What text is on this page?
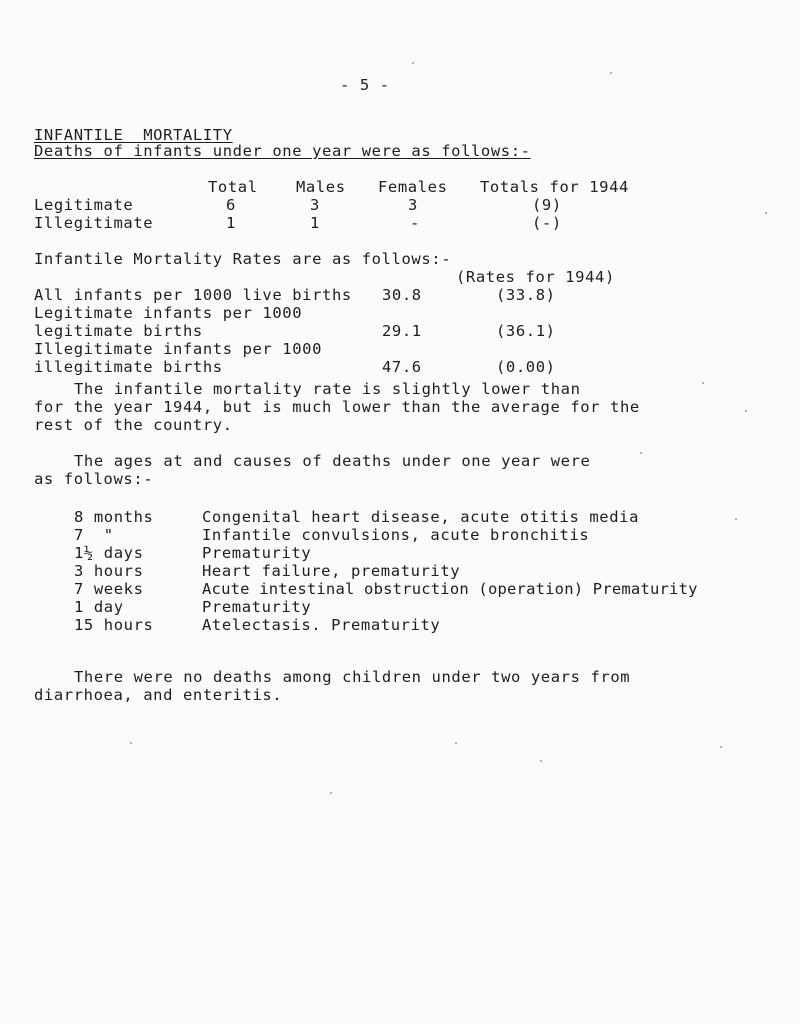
- 5 -
INFANTILE  MORTALITY
Deaths of infants under one year were as follows:-
Total Males Females Totals for 1944
Legitimate	6	3	3	(9)
Illegitimate	1	1	-	(-)
Infantile Mortality Rates are as follows:-
(Rates for 1944)
All infants per 1000 live births 30.8	(33.8)
Legitimate infants per 1000
legitimate births	29.1	(36.1)
Illegitimate infants per 1000
illegitimate births	47.6	(0.00)
The infantile mortality rate is slightly lower than
for the year 1944, but is much lower than the average for the
rest of the country.
The ages at and causes of deaths under one year were
as follows:-
8 months	Congenital heart disease, acute otitis media
7  "	Infantile convulsions, acute bronchitis
1½ days	Prematurity
3 hours	Heart failure, prematurity
7 weeks	Acute intestinal obstruction (operation) Prematurity
1 day	Prematurity
15 hours	Atelectasis. Prematurity
There were no deaths among children under two years from
diarrhoea, and enteritis.
